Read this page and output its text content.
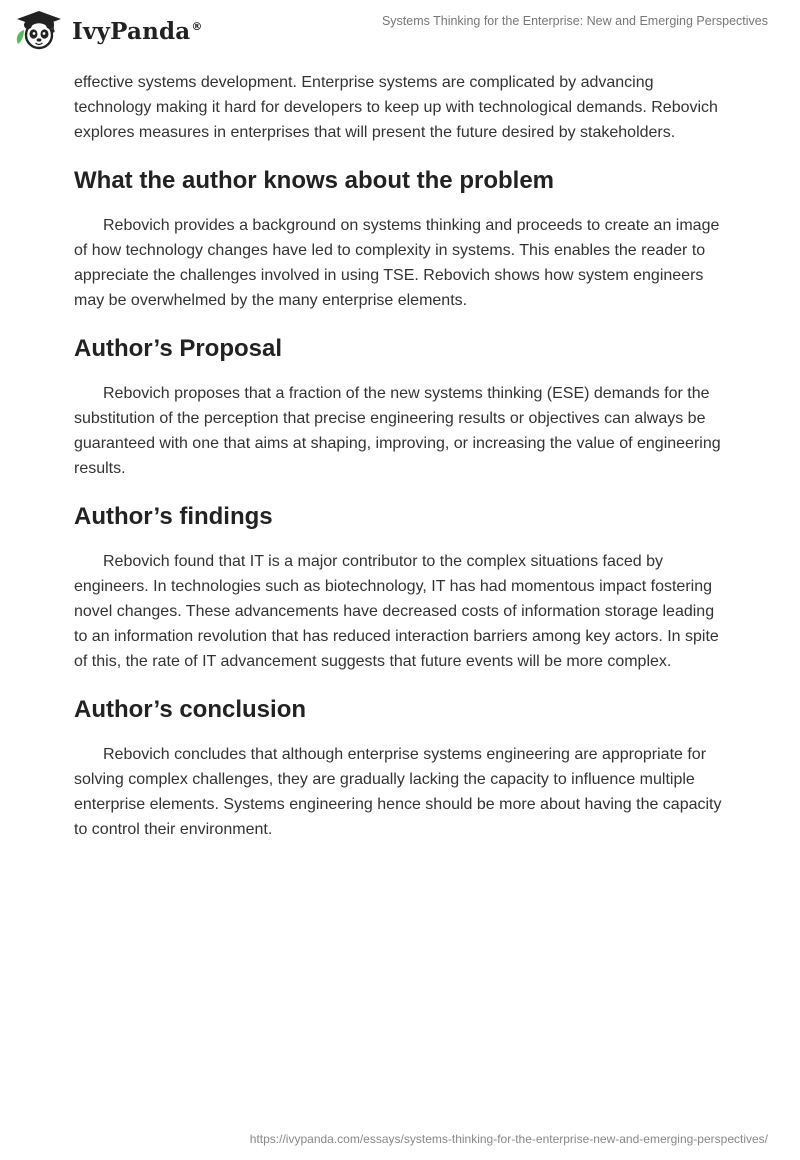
IvyPanda®	Systems Thinking for the Enterprise: New and Emerging Perspectives

effective systems development. Enterprise systems are complicated by advancing technology making it hard for developers to keep up with technological demands. Rebovich explores measures in enterprises that will present the future desired by stakeholders.

What the author knows about the problem

Rebovich provides a background on systems thinking and proceeds to create an image of how technology changes have led to complexity in systems. This enables the reader to appreciate the challenges involved in using TSE. Rebovich shows how system engineers may be overwhelmed by the many enterprise elements.

Author’s Proposal

Rebovich proposes that a fraction of the new systems thinking (ESE) demands for the substitution of the perception that precise engineering results or objectives can always be guaranteed with one that aims at shaping, improving, or increasing the value of engineering results.

Author’s findings

Rebovich found that IT is a major contributor to the complex situations faced by engineers. In technologies such as biotechnology, IT has had momentous impact fostering novel changes. These advancements have decreased costs of information storage leading to an information revolution that has reduced interaction barriers among key actors. In spite of this, the rate of IT advancement suggests that future events will be more complex.

Author’s conclusion

Rebovich concludes that although enterprise systems engineering are appropriate for solving complex challenges, they are gradually lacking the capacity to influence multiple enterprise elements. Systems engineering hence should be more about having the capacity to control their environment.

https://ivypanda.com/essays/systems-thinking-for-the-enterprise-new-and-emerging-perspectives/
